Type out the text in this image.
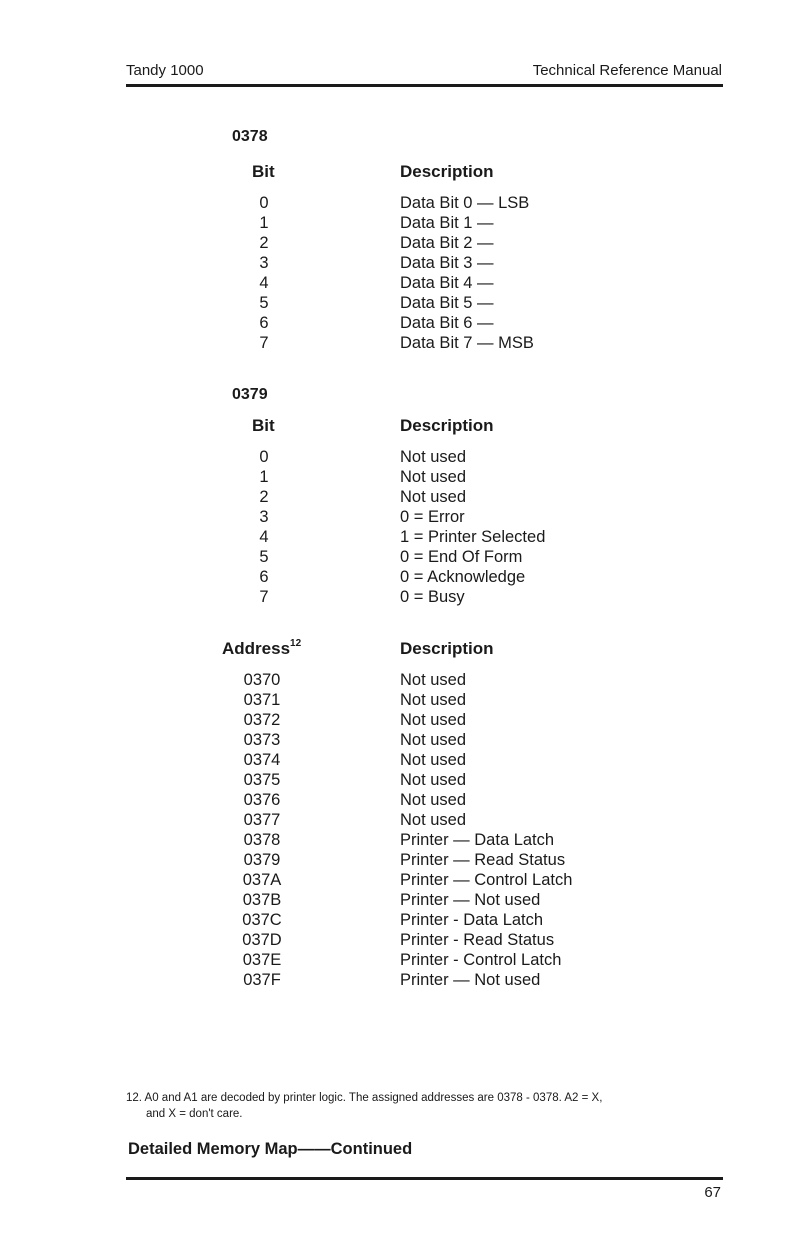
Tandy 1000	Technical Reference Manual
0378
Bit	Description
0	Data Bit 0 — LSB
1	Data Bit 1 —
2	Data Bit 2 —
3	Data Bit 3 —
4	Data Bit 4 —
5	Data Bit 5 —
6	Data Bit 6 —
7	Data Bit 7 — MSB
0379
Bit	Description
0	Not used
1	Not used
2	Not used
3	0 = Error
4	1 = Printer Selected
5	0 = End Of Form
6	0 = Acknowledge
7	0 = Busy
Address$^{12}$	Description
0370	Not used
0371	Not used
0372	Not used
0373	Not used
0374	Not used
0375	Not used
0376	Not used
0377	Not used
0378	Printer — Data Latch
0379	Printer — Read Status
037A	Printer — Control Latch
037B	Printer — Not used
037C	Printer - Data Latch
037D	Printer - Read Status
037E	Printer - Control Latch
037F	Printer — Not used
12. A0 and A1 are decoded by printer logic. The assigned addresses are 0378 - 0378. A2 = X,
and X = don't care.
Detailed Memory Map——Continued
67
